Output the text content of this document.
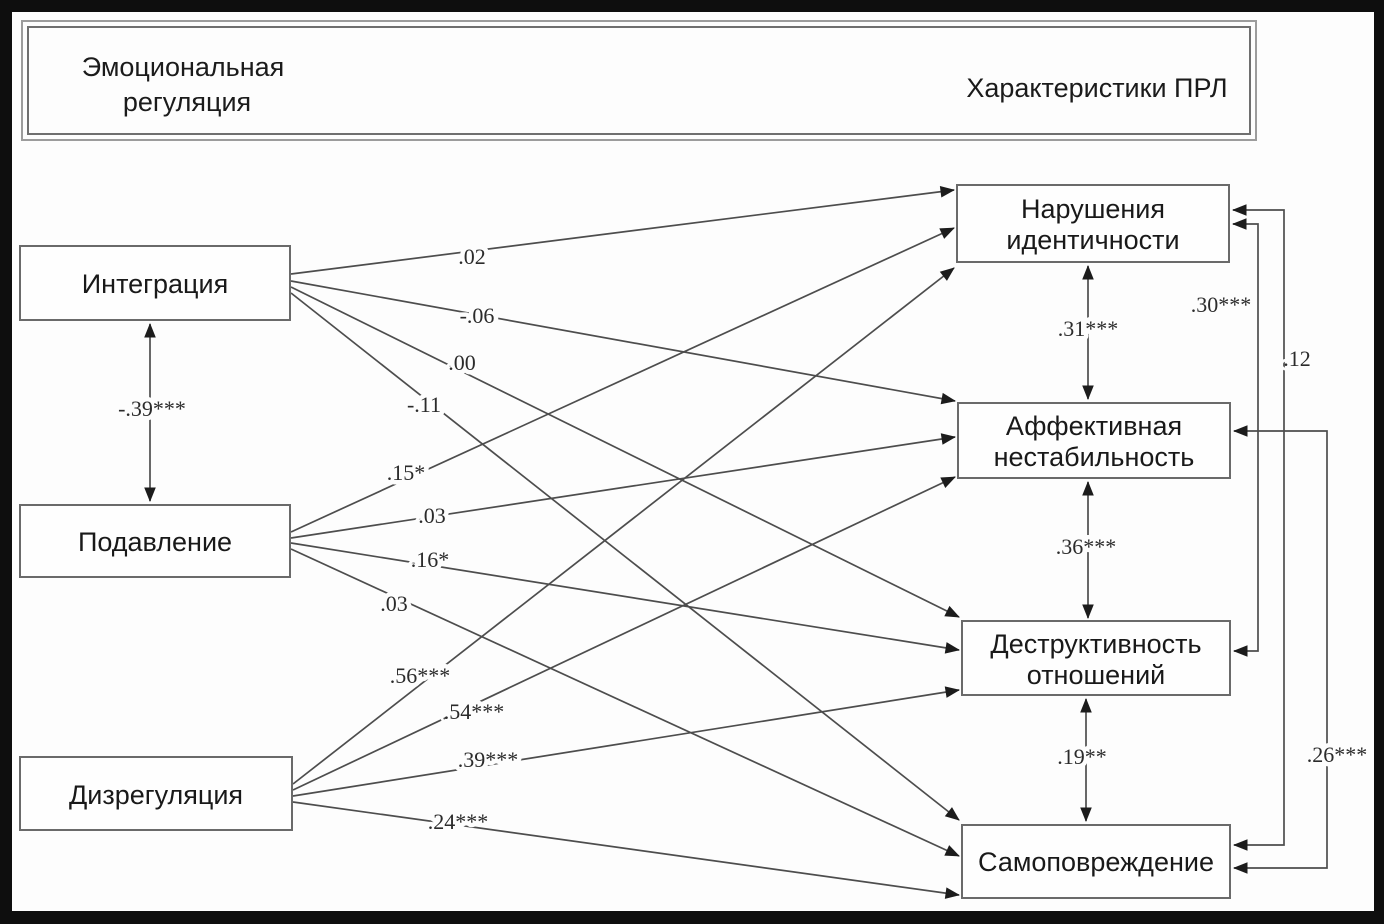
Эмоциональная
регуляция	Характеристики ПРЛ
Интеграция
Подавление
Дизрегуляция
Нарушения
идентичности
Аффективная
нестабильность
Деструктивность
отношений
Самоповреждение
.02
-.06
.00
-.11
.15*
.03
.16*
.03
.56***
.54***
.39***
.24***
-.39***
.31***
.36***
.19**
.30***
.12
.26***
